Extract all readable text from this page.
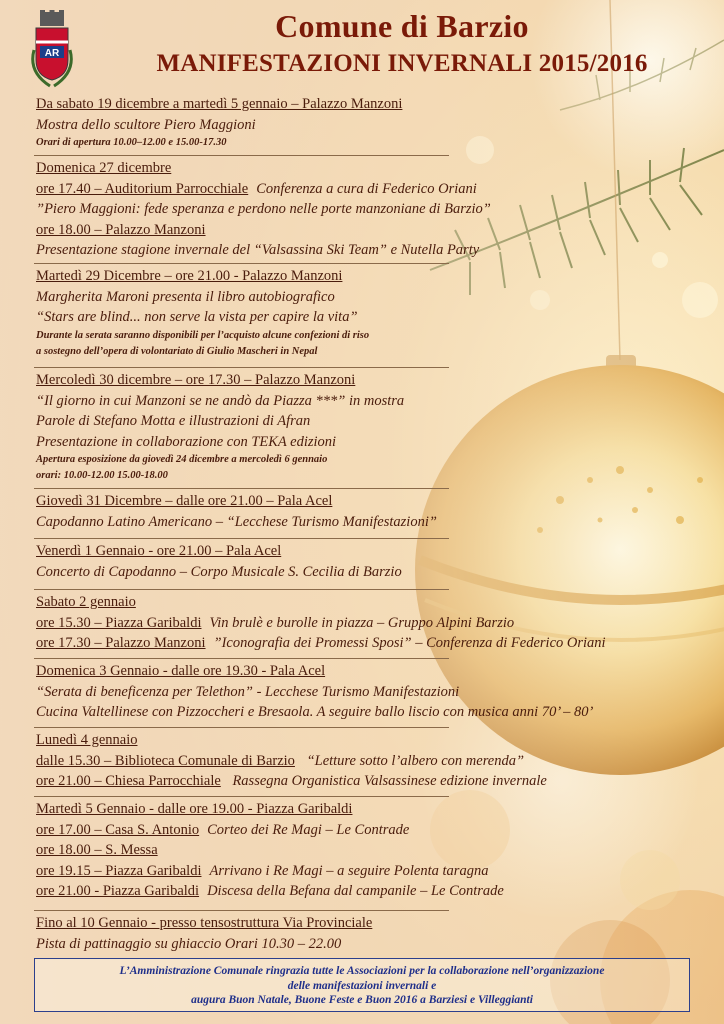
AR
Comune di Barzio
MANIFESTAZIONI INVERNALI 2015/2016
Da sabato 19 dicembre a martedì 5 gennaio – Palazzo Manzoni
Mostra dello scultore Piero Maggioni
Orari di apertura 10.00–12.00 e 15.00-17.30
Domenica 27 dicembre
ore 17.40 – Auditorium Parrocchiale Conferenza a cura di Federico Oriani
”Piero Maggioni: fede speranza e perdono nelle porte manzoniane di Barzio”
ore 18.00 – Palazzo Manzoni
Presentazione stagione invernale del “Valsassina Ski Team” e Nutella Party
Martedì 29 Dicembre – ore 21.00 - Palazzo Manzoni
Margherita Maroni presenta il libro autobiografico
“Stars are blind... non serve la vista per capire la vita”
Durante la serata saranno disponibili per l’acquisto alcune confezioni di riso
a sostegno dell’opera di volontariato di Giulio Mascheri in Nepal
Mercoledì 30 dicembre – ore 17.30 – Palazzo Manzoni
“Il giorno in cui Manzoni se ne andò da Piazza ***” in mostra
Parole di Stefano Motta e illustrazioni di Afran
Presentazione in collaborazione con TEKA edizioni
Apertura esposizione da giovedì 24 dicembre a mercoledì 6 gennaio
orari: 10.00-12.00 15.00-18.00
Giovedì 31 Dicembre – dalle ore 21.00 – Pala Acel
Capodanno Latino Americano – “Lecchese Turismo Manifestazioni”
Venerdì 1 Gennaio - ore 21.00 – Pala Acel
Concerto di Capodanno – Corpo Musicale S. Cecilia di Barzio
Sabato 2 gennaio
ore 15.30 – Piazza Garibaldi Vin brulè e burolle in piazza – Gruppo Alpini Barzio
ore 17.30 – Palazzo Manzoni ”Iconografia dei Promessi Sposi” – Conferenza di Federico Oriani
Domenica 3 Gennaio - dalle ore 19.30 - Pala Acel
“Serata di beneficenza per Telethon” - Lecchese Turismo Manifestazioni
Cucina Valtellinese con Pizzoccheri e Bresaola. A seguire ballo liscio con musica anni 70’ – 80’
Lunedì 4 gennaio
dalle 15.30 – Biblioteca Comunale di Barzio “Letture sotto l’albero con merenda”
ore 21.00 – Chiesa Parrocchiale Rassegna Organistica Valsassinese edizione invernale
Martedì 5 Gennaio - dalle ore 19.00 - Piazza Garibaldi
ore 17.00 – Casa S. Antonio Corteo dei Re Magi – Le Contrade
ore 18.00 – S. Messa
ore 19.15 – Piazza Garibaldi Arrivano i Re Magi – a seguire Polenta taragna
ore 21.00 - Piazza Garibaldi Discesa della Befana dal campanile – Le Contrade
Fino al 10 Gennaio - presso tensostruttura Via Provinciale
Pista di pattinaggio su ghiaccio Orari 10.30 – 22.00
L’Amministrazione Comunale ringrazia tutte le Associazioni per la collaborazione nell’organizzazione
delle manifestazioni invernali e
augura Buon Natale, Buone Feste e Buon 2016 a Barziesi e Villeggianti
